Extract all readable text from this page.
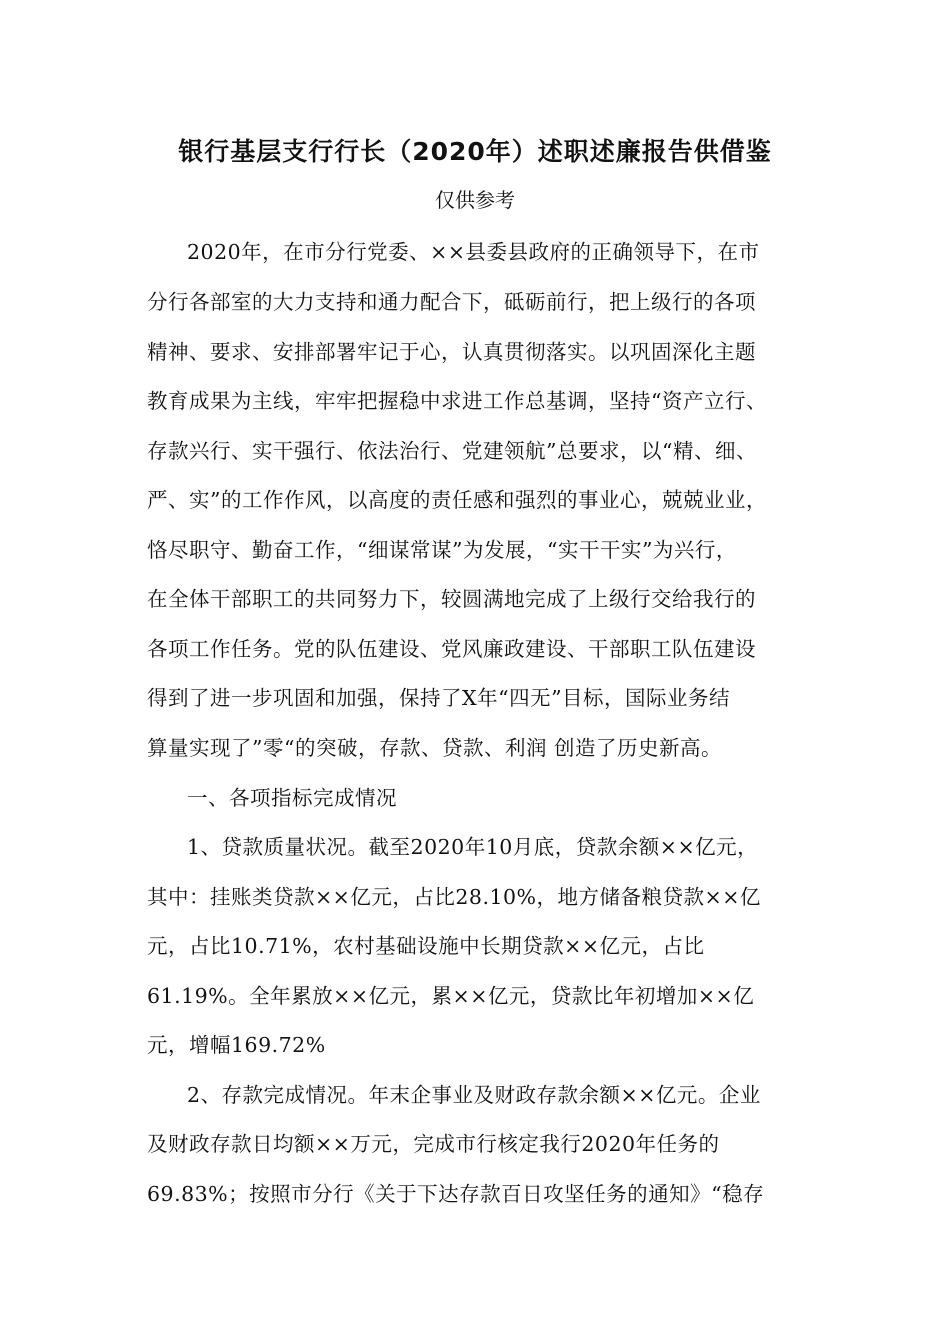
银行基层支行行长（2020年）述职述廉报告供借鉴
仅供参考
2020年，在市分行党委、××县委县政府的正确领导下，在市
分行各部室的大力支持和通力配合下，砥砺前行，把上级行的各项
精神、要求、安排部署牢记于心，认真贯彻落实。以巩固深化主题
教育成果为主线，牢牢把握稳中求进工作总基调，坚持“资产立行、
存款兴行、实干强行、依法治行、党建领航”总要求，以“精、细、
严、实”的工作作风，以高度的责任感和强烈的事业心，兢兢业业，
恪尽职守、勤奋工作，“细谋常谋”为发展，“实干干实”为兴行，
在全体干部职工的共同努力下，较圆满地完成了上级行交给我行的
各项工作任务。党的队伍建设、党风廉政建设、干部职工队伍建设
得到了进一步巩固和加强，保持了X年“四无”目标，国际业务结
算量实现了”零“的突破，存款、贷款、利润 创造了历史新高。
一、各项指标完成情况
1、贷款质量状况。截至2020年10月底，贷款余额××亿元，
其中：挂账类贷款××亿元，占比28.10%，地方储备粮贷款××亿
元，占比10.71%，农村基础设施中长期贷款××亿元，占比
61.19%。全年累放××亿元，累××亿元，贷款比年初增加××亿
元，增幅169.72%
2、存款完成情况。年末企事业及财政存款余额××亿元。企业
及财政存款日均额××万元，完成市行核定我行2020年任务的
69.83%；按照市分行《关于下达存款百日攻坚任务的通知》“稳存
